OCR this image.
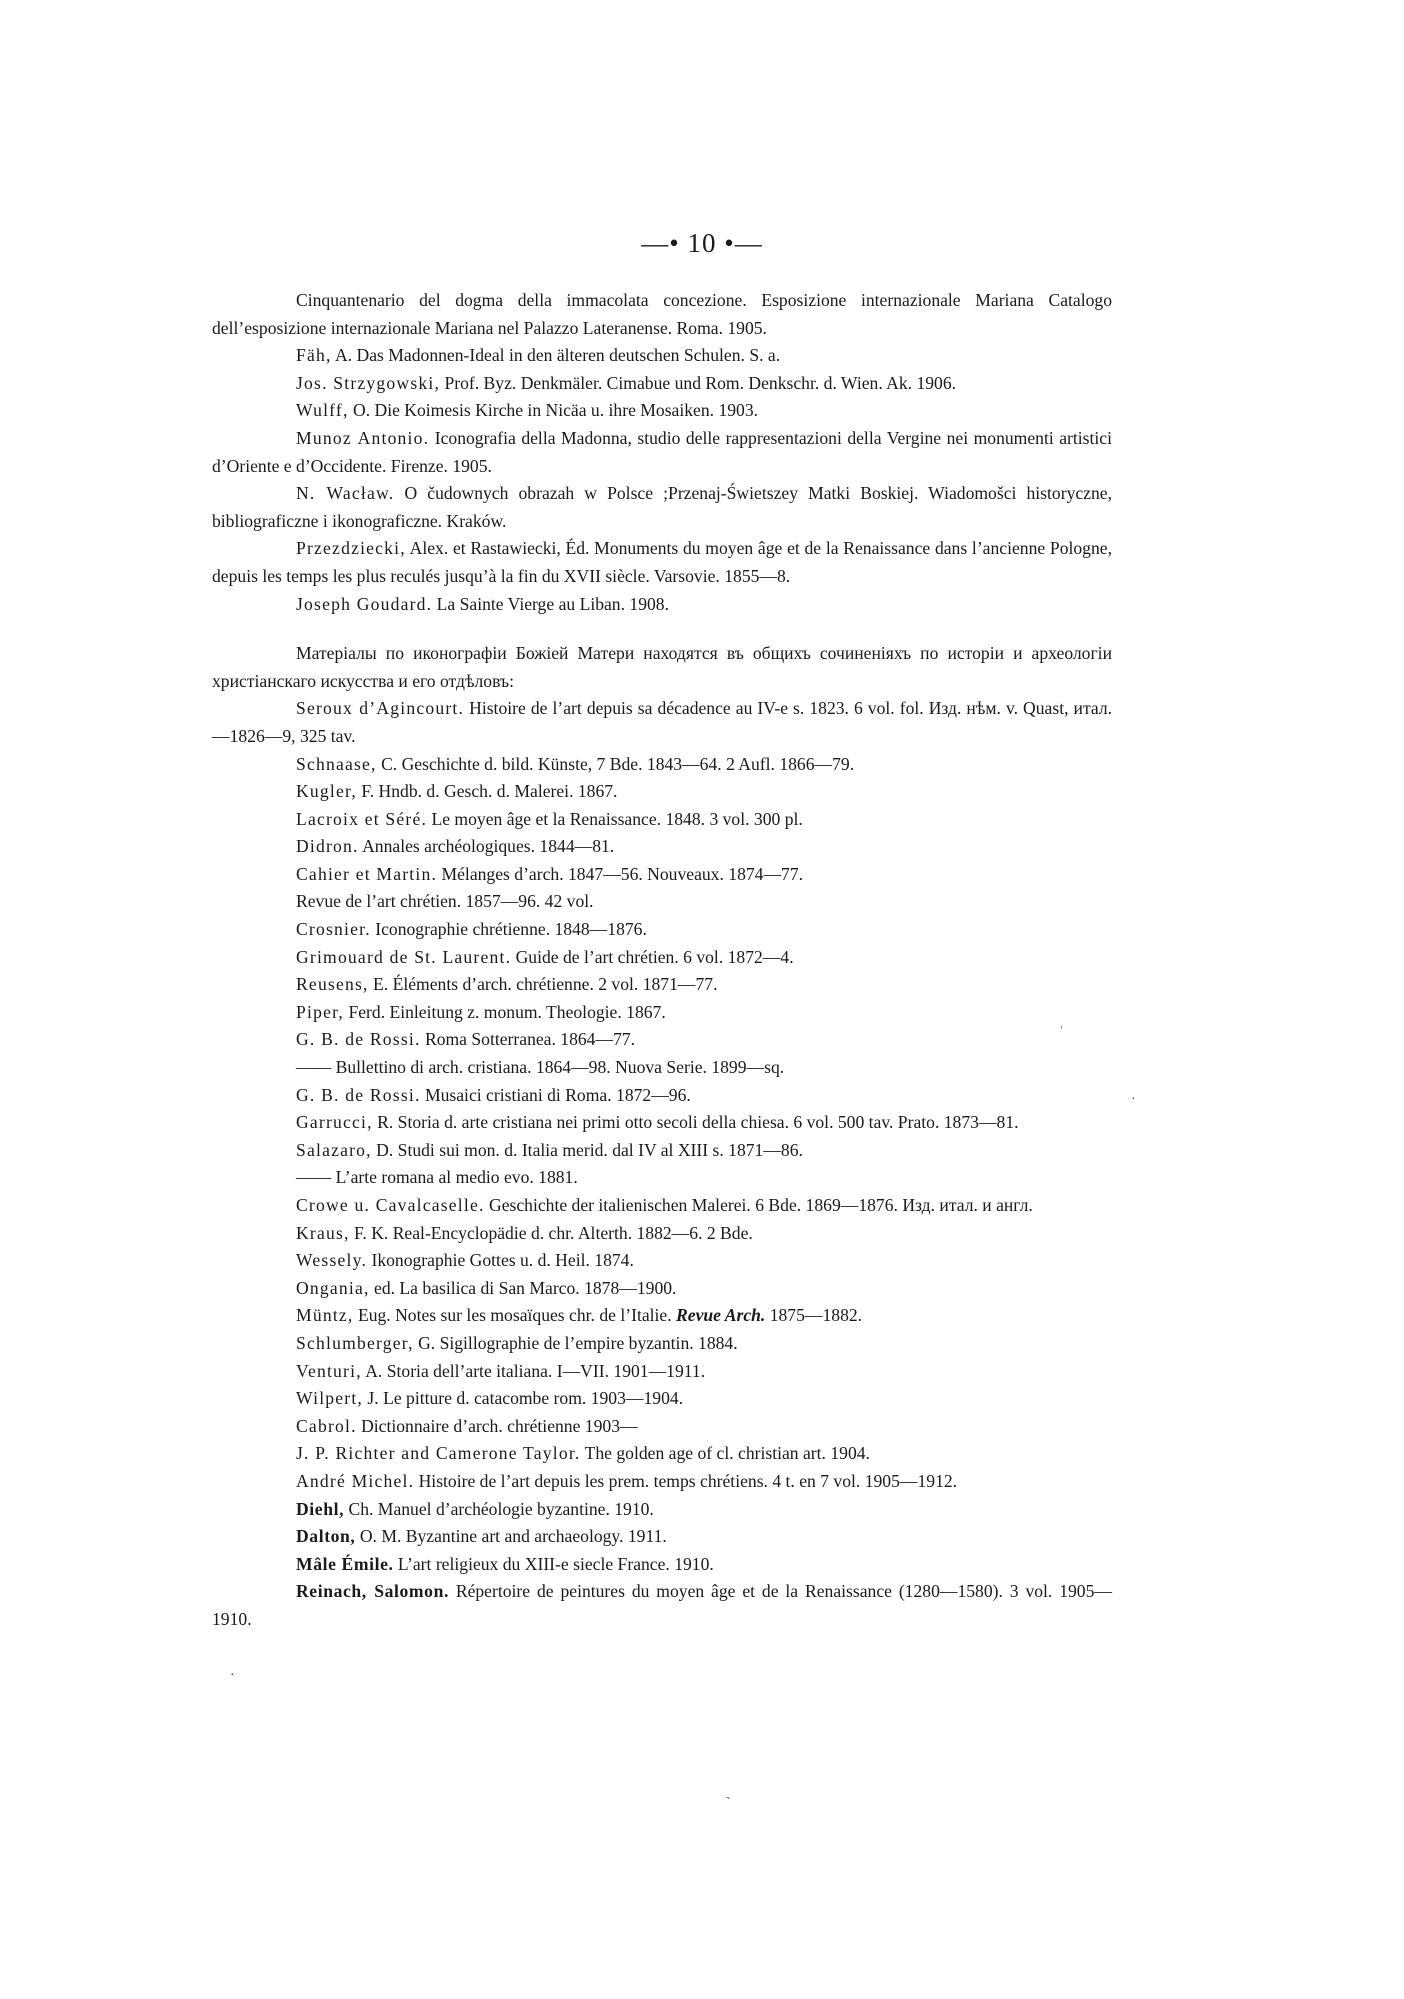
—• 10 •—

Cinquantenario del dogma della immacolata concezione. Esposizione internazionale Mariana Catalogo dell’esposizione internazionale Mariana nel Palazzo Lateranense. Roma. 1905.

Fäh, A. Das Madonnen-Ideal in den älteren deutschen Schulen. S. a.

Jos. Strzygowski, Prof. Byz. Denkmäler. Cimabue und Rom. Denkschr. d. Wien. Ak. 1906.

Wulff, O. Die Koimesis Kirche in Nicäa u. ihre Mosaiken. 1903.

Munoz Antonio. Iconografia della Madonna, studio delle rappresentazioni della Vergine nei monumenti artistici d’Oriente e d’Occidente. Firenze. 1905.

N. Wacław. O čudownych obrazah w Polsce ;Przenaj-Świetszey Matki Boskiej. Wiadomošci historyczne, bibliograficzne i ikonograficzne. Kraków.

Przezdziecki, Alex. et Rastawiecki, Éd. Monuments du moyen âge et de la Renaissance dans l’ancienne Pologne, depuis les temps les plus reculés jusqu’à la fin du XVII siècle. Varsovie. 1855—8.

Joseph Goudard. La Sainte Vierge au Liban. 1908.

Матеріалы по иконографіи Божіей Матери находятся въ общихъ сочиненіяхъ по исторіи и археологіи христіанскаго искусства и его отдѣловъ:

Seroux d’Agincourt. Histoire de l’art depuis sa décadence au IV-e s. 1823. 6 vol. fol. Изд. нѣм. v. Quast, итал.—1826—9, 325 tav.

Schnaase, C. Geschichte d. bild. Künste, 7 Bde. 1843—64. 2 Aufl. 1866—79.

Kugler, F. Hndb. d. Gesch. d. Malerei. 1867.

Lacroix et Séré. Le moyen âge et la Renaissance. 1848. 3 vol. 300 pl.

Didron. Annales archéologiques. 1844—81.

Cahier et Martin. Mélanges d’arch. 1847—56. Nouveaux. 1874—77.

Revue de l’art chrétien. 1857—96. 42 vol.

Crosnier. Iconographie chrétienne. 1848—1876.

Grimouard de St. Laurent. Guide de l’art chrétien. 6 vol. 1872—4.

Reusens, E. Éléments d’arch. chrétienne. 2 vol. 1871—77.

Piper, Ferd. Einleitung z. monum. Theologie. 1867.

G. B. de Rossi. Roma Sotterranea. 1864—77.

—— Bullettino di arch. cristiana. 1864—98. Nuova Serie. 1899—sq.

G. B. de Rossi. Musaici cristiani di Roma. 1872—96.

Garrucci, R. Storia d. arte cristiana nei primi otto secoli della chiesa. 6 vol. 500 tav. Prato. 1873—81.

Salazaro, D. Studi sui mon. d. Italia merid. dal IV al XIII s. 1871—86.

—— L’arte romana al medio evo. 1881.

Crowe u. Cavalcaselle. Geschichte der italienischen Malerei. 6 Bde. 1869—1876. Изд. итал. и англ.

Kraus, F. K. Real-Encyclopädie d. chr. Alterth. 1882—6. 2 Bde.

Wessely. Ikonographie Gottes u. d. Heil. 1874.

Ongania, ed. La basilica di San Marco. 1878—1900.

Müntz, Eug. Notes sur les mosaïques chr. de l’Italie. Revue Arch. 1875—1882.

Schlumberger, G. Sigillographie de l’empire byzantin. 1884.

Venturi, A. Storia dell’arte italiana. I—VII. 1901—1911.

Wilpert, J. Le pitture d. catacombe rom. 1903—1904.

Cabrol. Dictionnaire d’arch. chrétienne 1903—

J. P. Richter and Camerone Taylor. The golden age of cl. christian art. 1904.

André Michel. Histoire de l’art depuis les prem. temps chrétiens. 4 t. en 7 vol. 1905—1912.

Diehl, Ch. Manuel d’archéologie byzantine. 1910.

Dalton, O. M. Byzantine art and archaeology. 1911.

Mâle Émile. L’art religieux du XIII-e siecle France. 1910.

Reinach, Salomon. Répertoire de peintures du moyen âge et de la Renaissance (1280—1580). 3 vol. 1905—1910.

·
ˈ
·
ˎ
